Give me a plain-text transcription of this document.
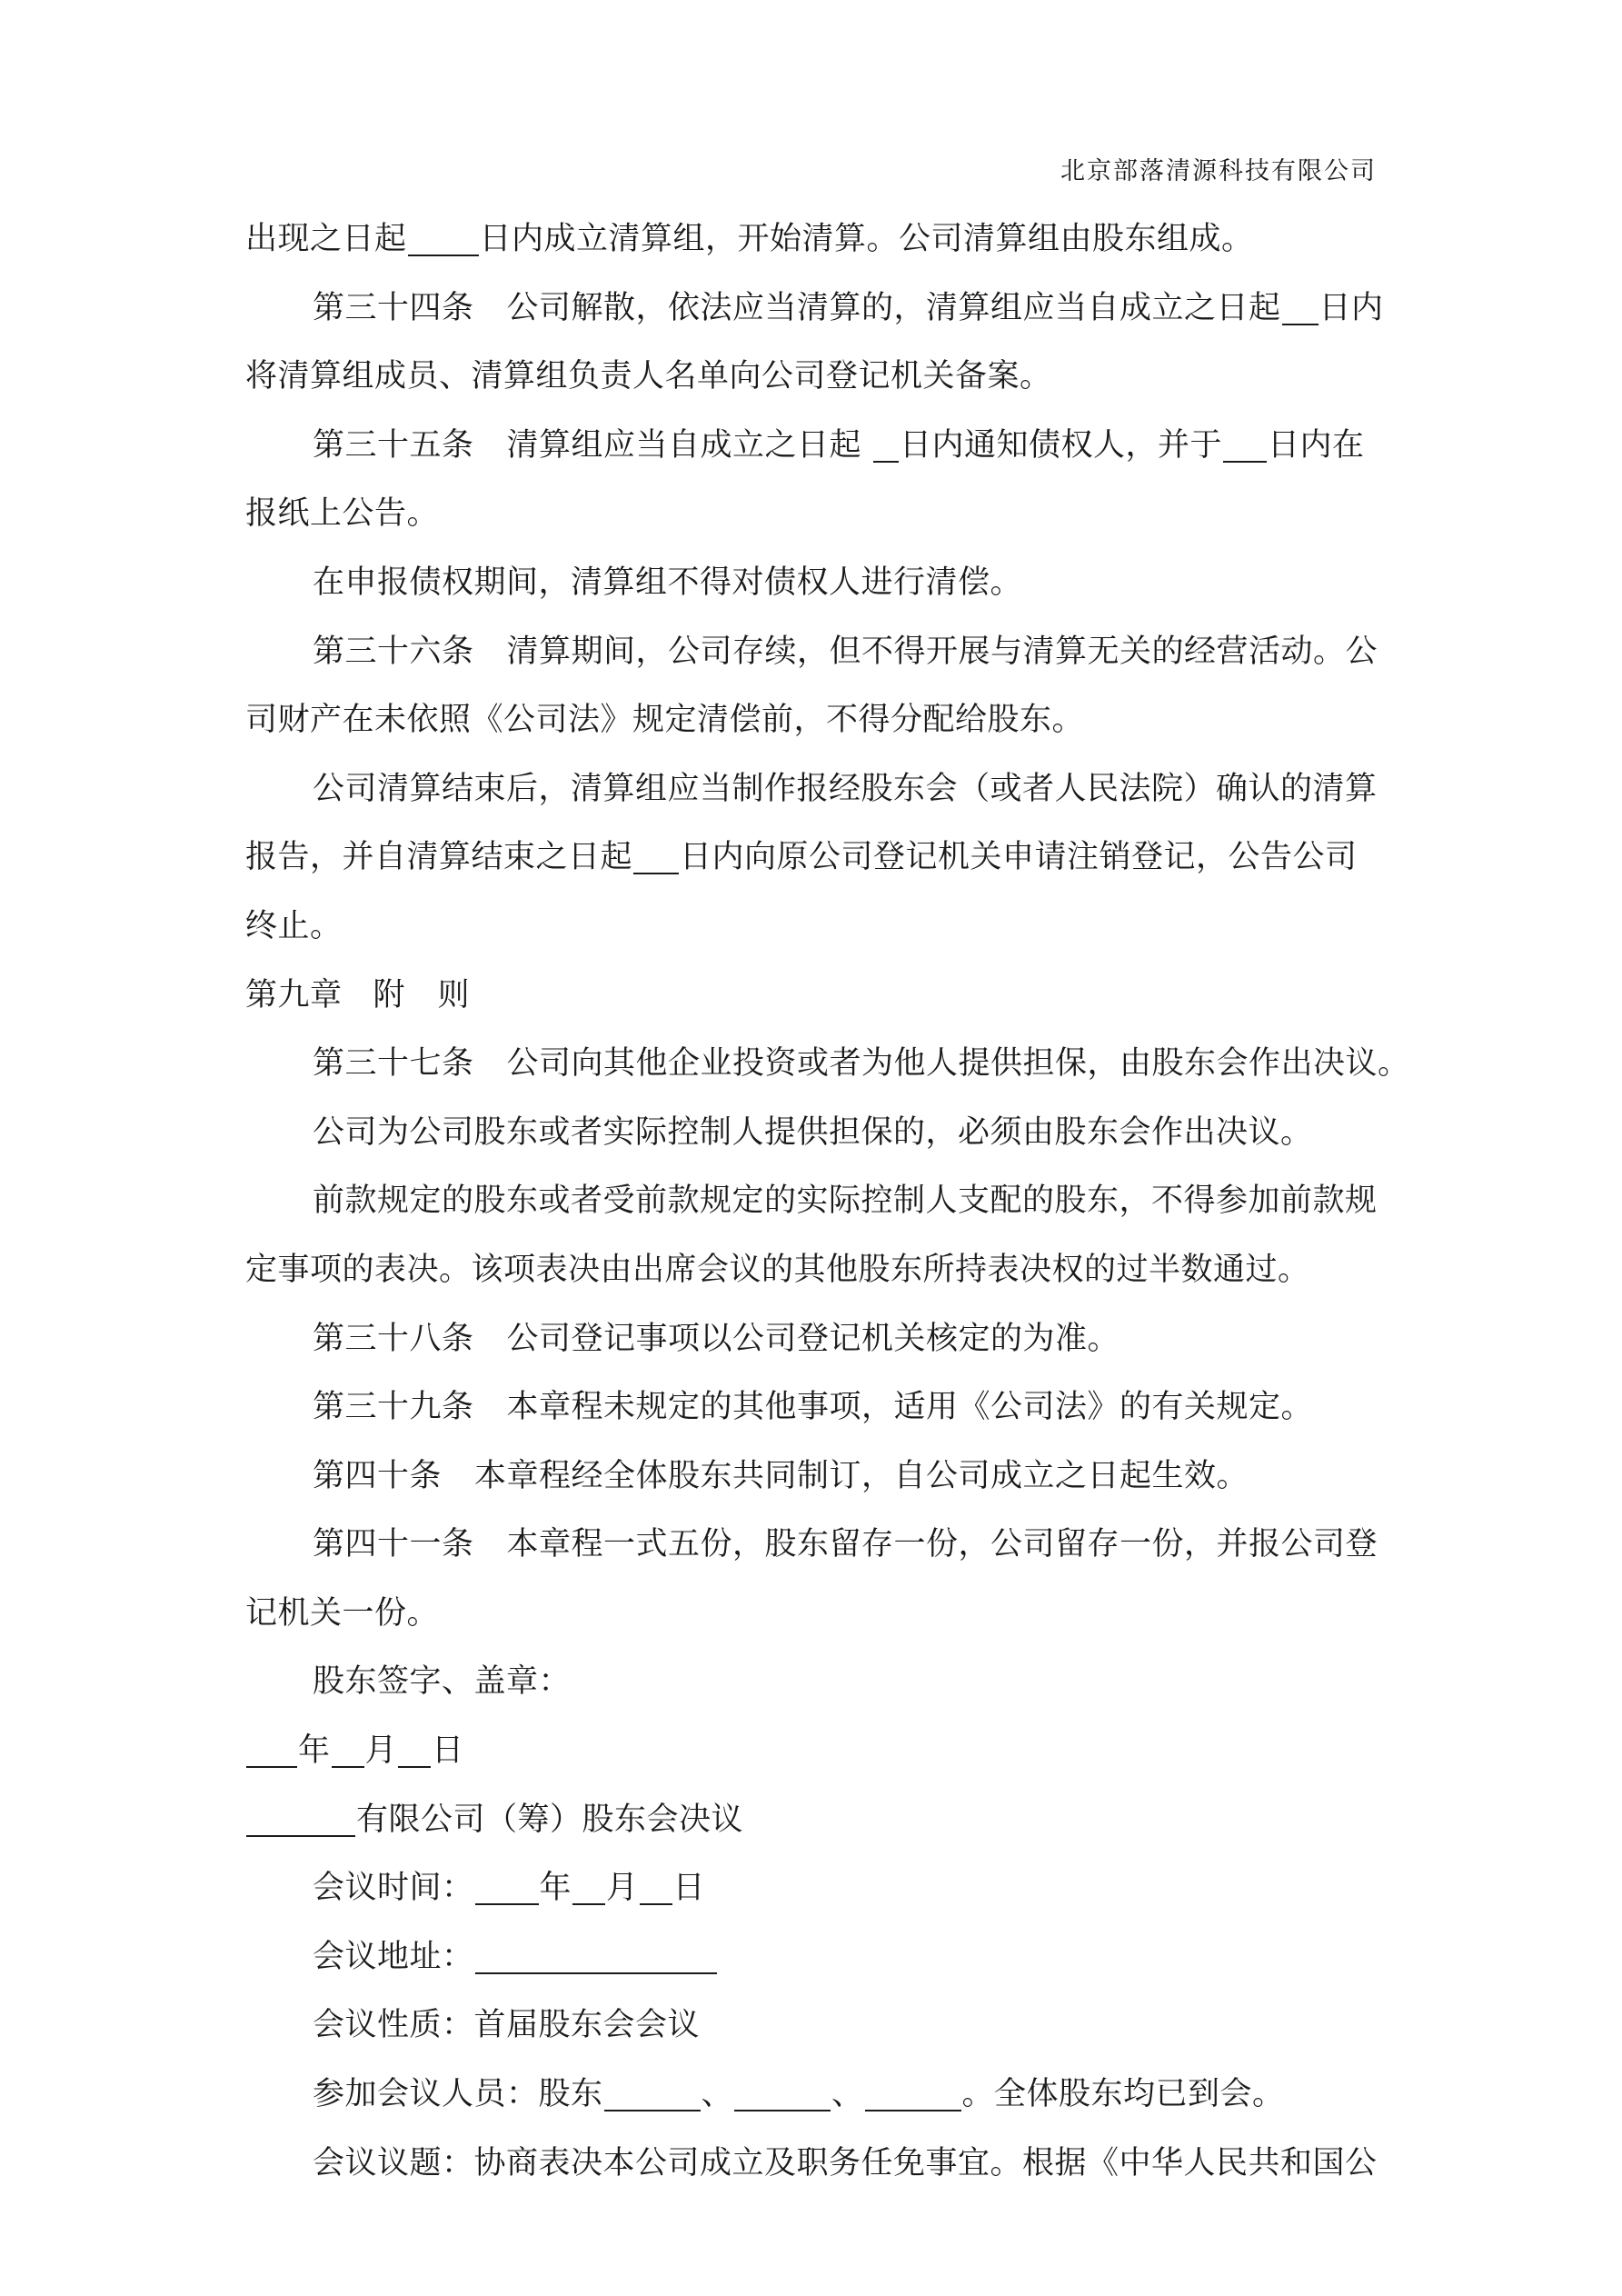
北京部落清源科技有限公司
出现之日起 日内成立清算组，开始清算。公司清算组由股东组成。
第三十四条 公司解散，依法应当清算的，清算组应当自成立之日起 日内
将清算组成员、清算组负责人名单向公司登记机关备案。
第三十五条 清算组应当自成立之日起 日内通知债权人，并于 日内在
报纸上公告。
在申报债权期间，清算组不得对债权人进行清偿。
第三十六条 清算期间，公司存续，但不得开展与清算无关的经营活动。公
司财产在未依照《公司法》规定清偿前，不得分配给股东。
公司清算结束后，清算组应当制作报经股东会（或者人民法院）确认的清算
报告，并自清算结束之日起 日内向原公司登记机关申请注销登记，公告公司
终止。
第九章 附　则
第三十七条 公司向其他企业投资或者为他人提供担保，由股东会作出决议。
公司为公司股东或者实际控制人提供担保的，必须由股东会作出决议。
前款规定的股东或者受前款规定的实际控制人支配的股东，不得参加前款规
定事项的表决。该项表决由出席会议的其他股东所持表决权的过半数通过。
第三十八条 公司登记事项以公司登记机关核定的为准。
第三十九条 本章程未规定的其他事项，适用《公司法》的有关规定。
第四十条 本章程经全体股东共同制订，自公司成立之日起生效。
第四十一条 本章程一式五份，股东留存一份，公司留存一份，并报公司登
记机关一份。
股东签字、盖章：
年 月 日
有限公司（筹）股东会决议
会议时间： 年 月 日
会议地址：
会议性质：首届股东会会议
参加会议人员：股东	、	、	。全体股东均已到会。
会议议题：协商表决本公司成立及职务任免事宜。根据《中华人民共和国公
